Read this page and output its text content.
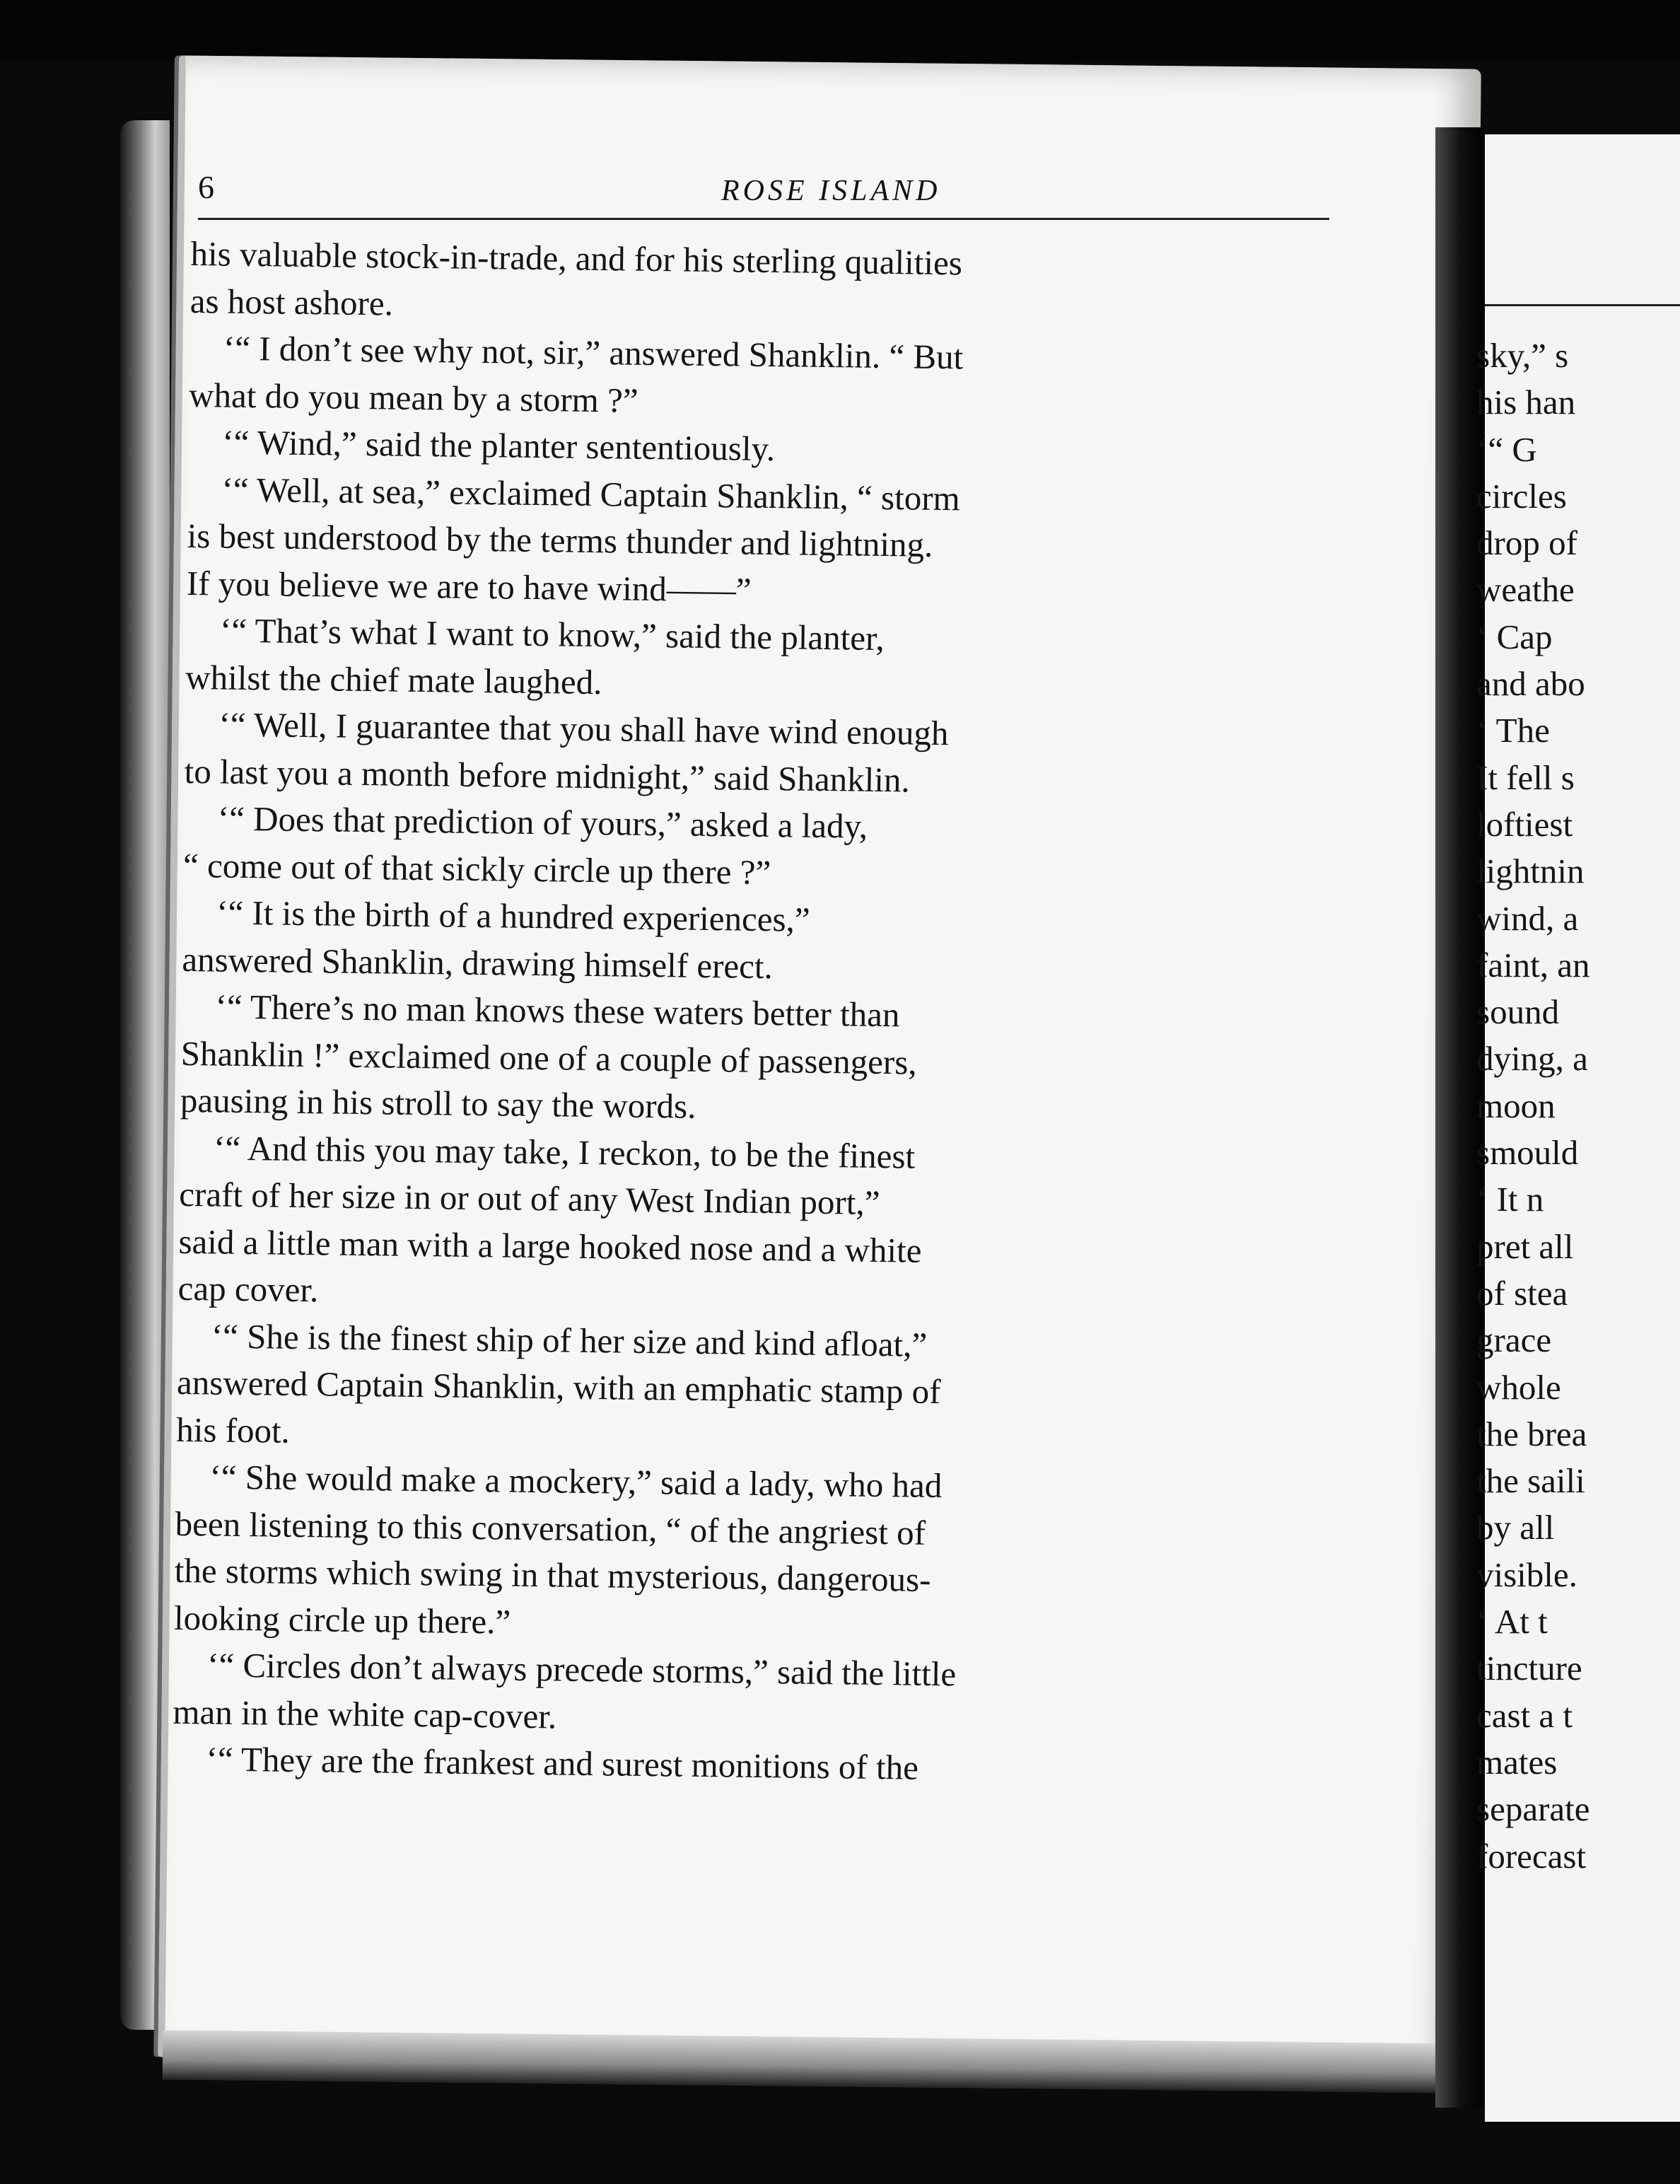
6	ROSE ISLAND
his valuable stock-in-trade, and for his sterling qualities
as host ashore.
‘“ I don’t see why not, sir,” answered Shanklin. “ But
what do you mean by a storm ?”
‘“ Wind,” said the planter sententiously.
‘“ Well, at sea,” exclaimed Captain Shanklin, “ storm
is best understood by the terms thunder and lightning.
If you believe we are to have wind——”
‘“ That’s what I want to know,” said the planter,
whilst the chief mate laughed.
‘“ Well, I guarantee that you shall have wind enough
to last you a month before midnight,” said Shanklin.
‘“ Does that prediction of yours,” asked a lady,
“ come out of that sickly circle up there ?”
‘“ It is the birth of a hundred experiences,”
answered Shanklin, drawing himself erect.
‘“ There’s no man knows these waters better than
Shanklin !” exclaimed one of a couple of passengers,
pausing in his stroll to say the words.
‘“ And this you may take, I reckon, to be the finest
craft of her size in or out of any West Indian port,”
said a little man with a large hooked nose and a white
cap cover.
‘“ She is the finest ship of her size and kind afloat,”
answered Captain Shanklin, with an emphatic stamp of
his foot.
‘“ She would make a mockery,” said a lady, who had
been listening to this conversation, “ of the angriest of
the storms which swing in that mysterious, dangerous-
looking circle up there.”
‘“ Circles don’t always precede storms,” said the little
man in the white cap-cover.
‘“ They are the frankest and surest monitions of the
sky,” s
his han
‘“ G
circles
drop of
weathe
‘ Cap
and abo
‘ The
It fell s
loftiest
lightnin
wind, a
faint, an
sound
dying, a
moon
smould
‘ It n
pret all
of stea
grace
whole
the brea
the saili
by all
visible.
‘ At t
tincture
cast a t
mates
separate
forecast
